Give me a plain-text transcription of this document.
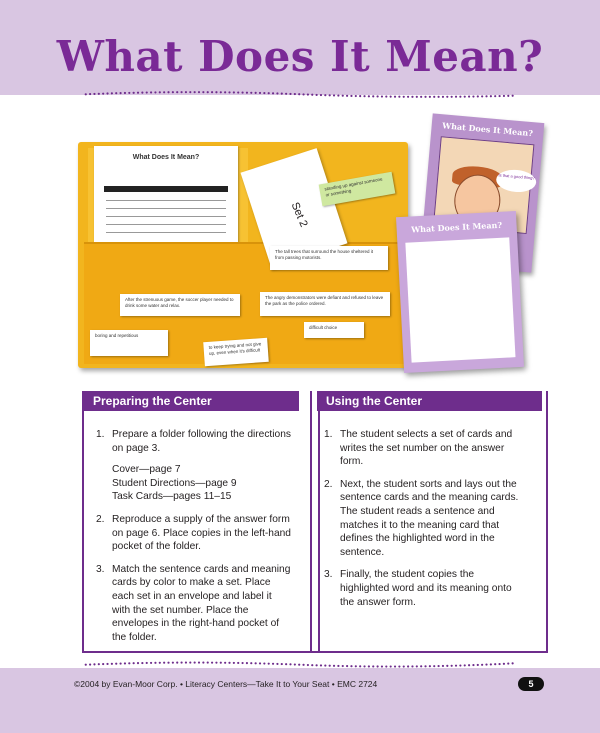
What Does It Mean?
What Does It Mean?
Set 2
standing up against someone or something
The tall trees that surround the house sheltered it from passing motorists.
The angry demonstrators were defiant and refused to leave the park as the police ordered.
After the strenuous game, the soccer player needed to drink some water and relax.
boring and repetitious
to keep trying and not give up, even when it's difficult
difficult choice
What Does It Mean?
Is that a good thing?
What Does It Mean?
Preparing the Center
1. Prepare a folder following the directions on page 3.
Cover—page 7
Student Directions—page 9
Task Cards—pages 11–15
2. Reproduce a supply of the answer form on page 6. Place copies in the left-hand pocket of the folder.
3. Match the sentence cards and meaning cards by color to make a set. Place each set in an envelope and label it with the set number. Place the envelopes in the right-hand pocket of the folder.
Using the Center
1. The student selects a set of cards and writes the set number on the answer form.
2. Next, the student sorts and lays out the sentence cards and the meaning cards. The student reads a sentence and matches it to the meaning card that defines the highlighted word in the sentence.
3. Finally, the student copies the highlighted word and its meaning onto the answer form.
©2004 by Evan-Moor Corp. • Literacy Centers—Take It to Your Seat • EMC 2724	5
